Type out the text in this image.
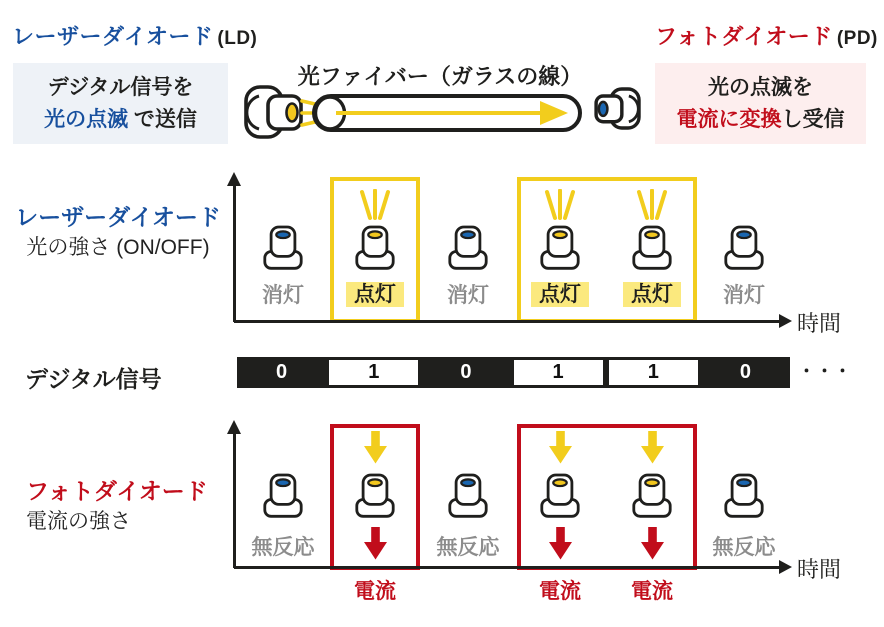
レーザーダイオード (LD)	フォトダイオード (PD)
デジタル信号を
光の点滅 で送信
光の点滅を
電流に変換し受信
光ファイバー（ガラスの線）
レーザーダイオード
光の強さ (ON/OFF)
時間
消灯	点灯	消灯	点灯	点灯	消灯
デジタル信号	0	1	0	1	1	0	・・・
フォトダイオード
電流の強さ
時間
無反応
電流
無反応
電流	電流
無反応
